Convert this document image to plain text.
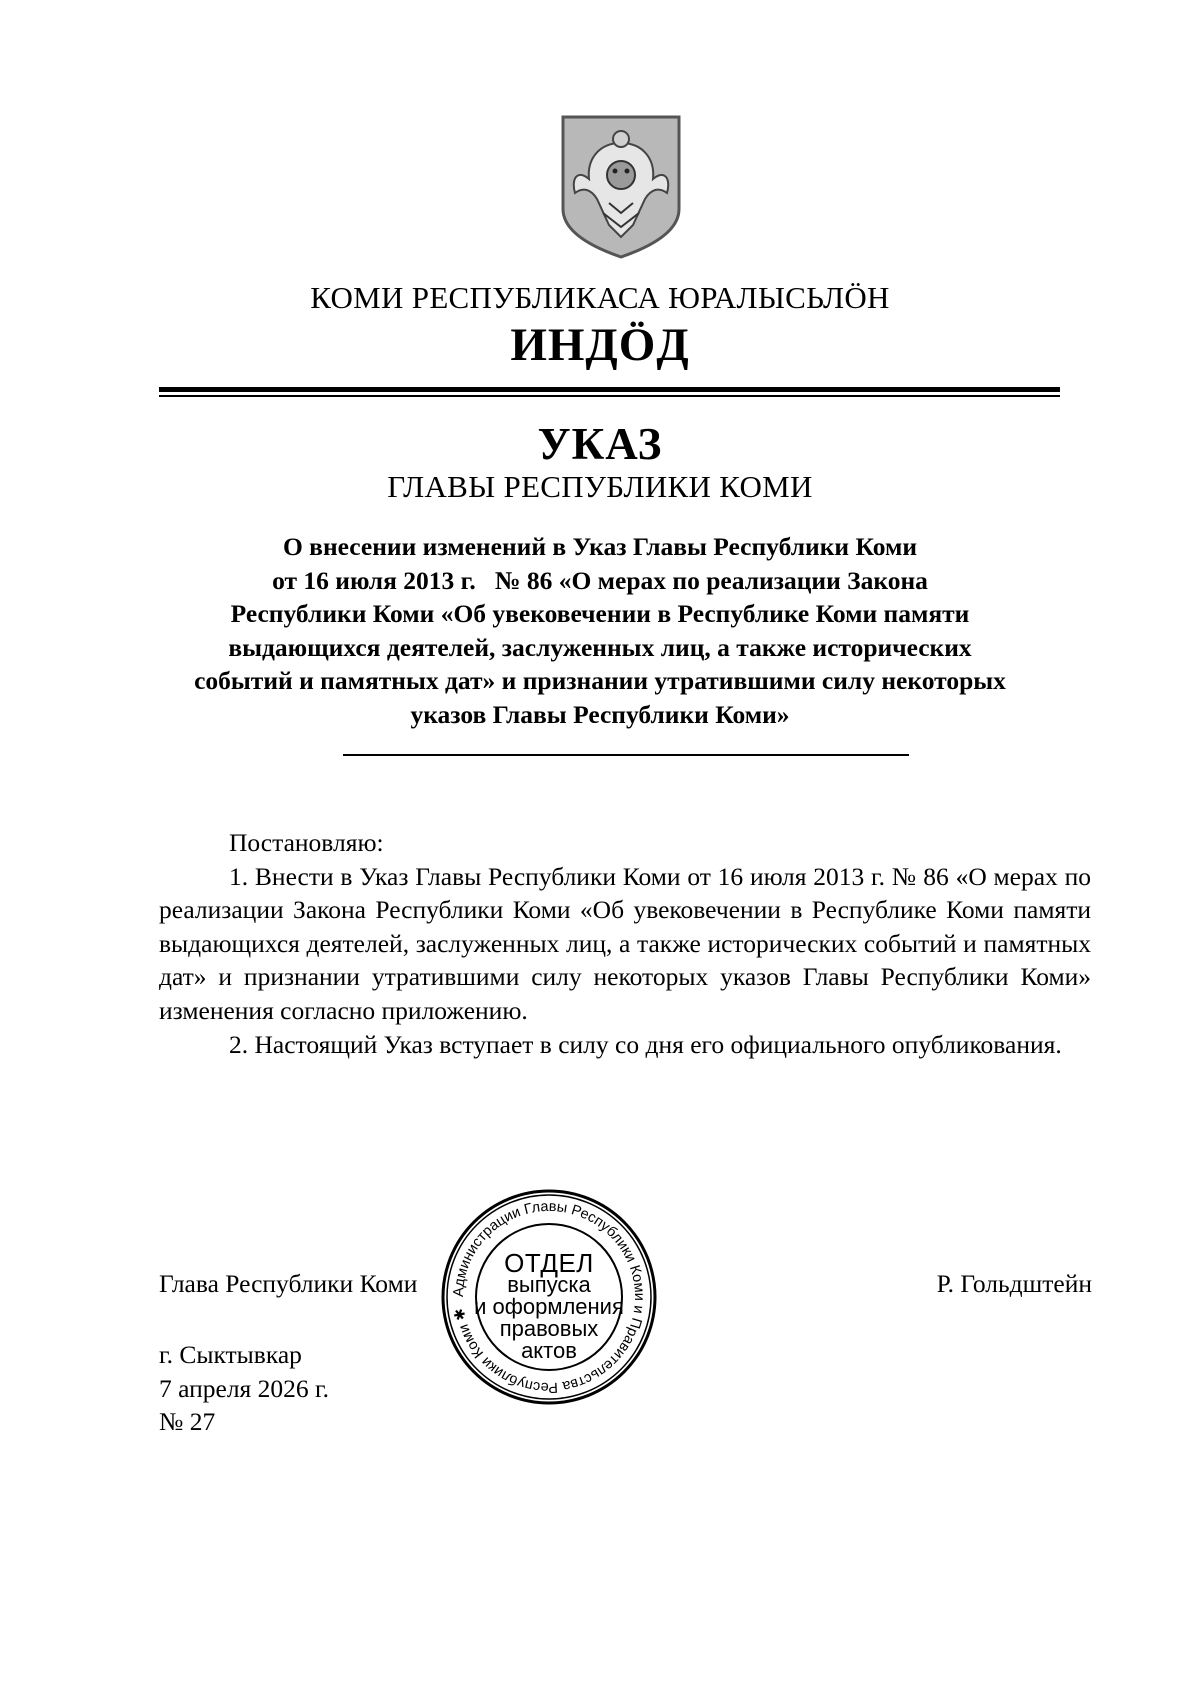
КОМИ РЕСПУБЛИКАСА ЮРАЛЫСЬЛӦН
ИНДӦД
УКАЗ
ГЛАВЫ РЕСПУБЛИКИ КОМИ
О внесении изменений в Указ Главы Республики Коми
от 16 июля 2013 г.   № 86 «О мерах по реализации Закона
Республики Коми «Об увековечении в Республике Коми памяти
выдающихся деятелей, заслуженных лиц, а также исторических
событий и памятных дат» и признании утратившими силу некоторых
указов Главы Республики Коми»

Постановляю:

1. Внести в Указ Главы Республики Коми от 16 июля 2013 г. № 86 «О мерах по реализации Закона Республики Коми «Об увековечении в Республике Коми памяти выдающихся деятелей, заслуженных лиц, а также исторических событий и памятных дат» и признании утратившими силу некоторых указов Главы Республики Коми» изменения согласно приложению.

2. Настоящий Указ вступает в силу со дня его официального опубликования.

Глава Республики Коми	Р. Гольдштейн
г. Сыктывкар
7 апреля 2026 г.
№ 27
Администрации Главы Республики Коми и Правительства Республики Коми ✱
ОТДЕЛ
выпуска
и оформления
правовых
актов
